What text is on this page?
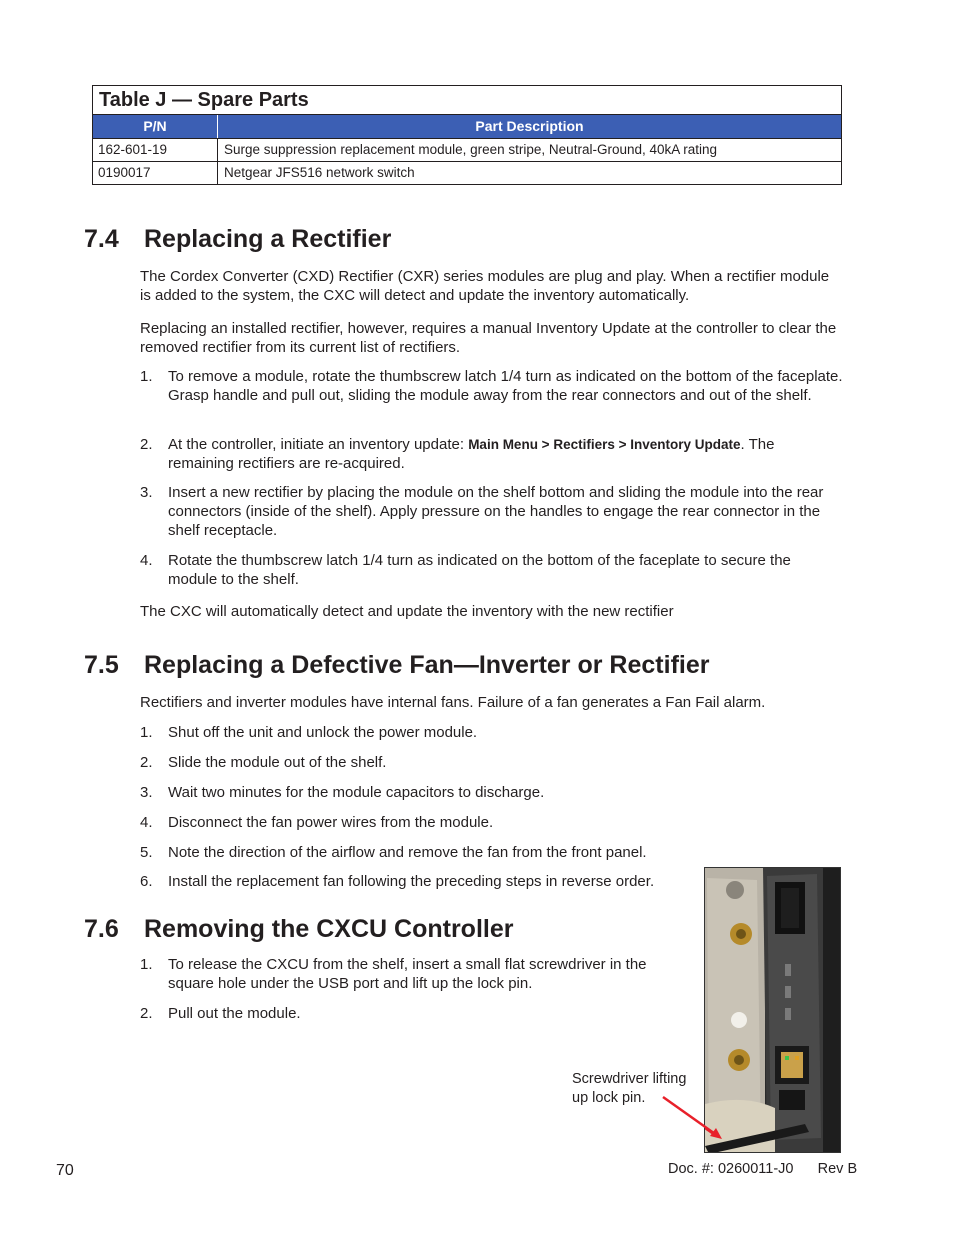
Table J — Spare Parts
P/N	Part Description
162-601-19	Surge suppression replacement module, green stripe, Neutral-Ground, 40kA rating
0190017	Netgear JFS516 network switch
7.4 Replacing a Rectifier
The Cordex Converter (CXD) Rectifier (CXR) series modules are plug and play. When a rectifier module is added to the system, the CXC will detect and update the inventory automatically.
Replacing an installed rectifier, however, requires a manual Inventory Update at the controller to clear the removed rectifier from its current list of rectifiers.
1. To remove a module, rotate the thumbscrew latch 1/4 turn as indicated on the bottom of the faceplate. Grasp handle and pull out, sliding the module away from the rear connectors and out of the shelf.
2. At the controller, initiate an inventory update: Main Menu > Rectifiers > Inventory Update. The remaining rectifiers are re-acquired.
3. Insert a new rectifier by placing the module on the shelf bottom and sliding the module into the rear connectors (inside of the shelf). Apply pressure on the handles to engage the rear connector in the shelf receptacle.
4. Rotate the thumbscrew latch 1/4 turn as indicated on the bottom of the faceplate to secure the module to the shelf.
The CXC will automatically detect and update the inventory with the new rectifier
7.5 Replacing a Defective Fan—Inverter or Rectifier
Rectifiers and inverter modules have internal fans. Failure of a fan generates a Fan Fail alarm.
1. Shut off the unit and unlock the power module.
2. Slide the module out of the shelf.
3. Wait two minutes for the module capacitors to discharge.
4. Disconnect the fan power wires from the module.
5. Note the direction of the airflow and remove the fan from the front panel.
6. Install the replacement fan following the preceding steps in reverse order.
7.6 Removing the CXCU Controller
1. To release the CXCU from the shelf, insert a small flat screwdriver in the square hole under the USB port and lift up the lock pin.
2. Pull out the module.
Screwdriver lifting up lock pin.
70	Doc. #: 0260011-J0      Rev B
